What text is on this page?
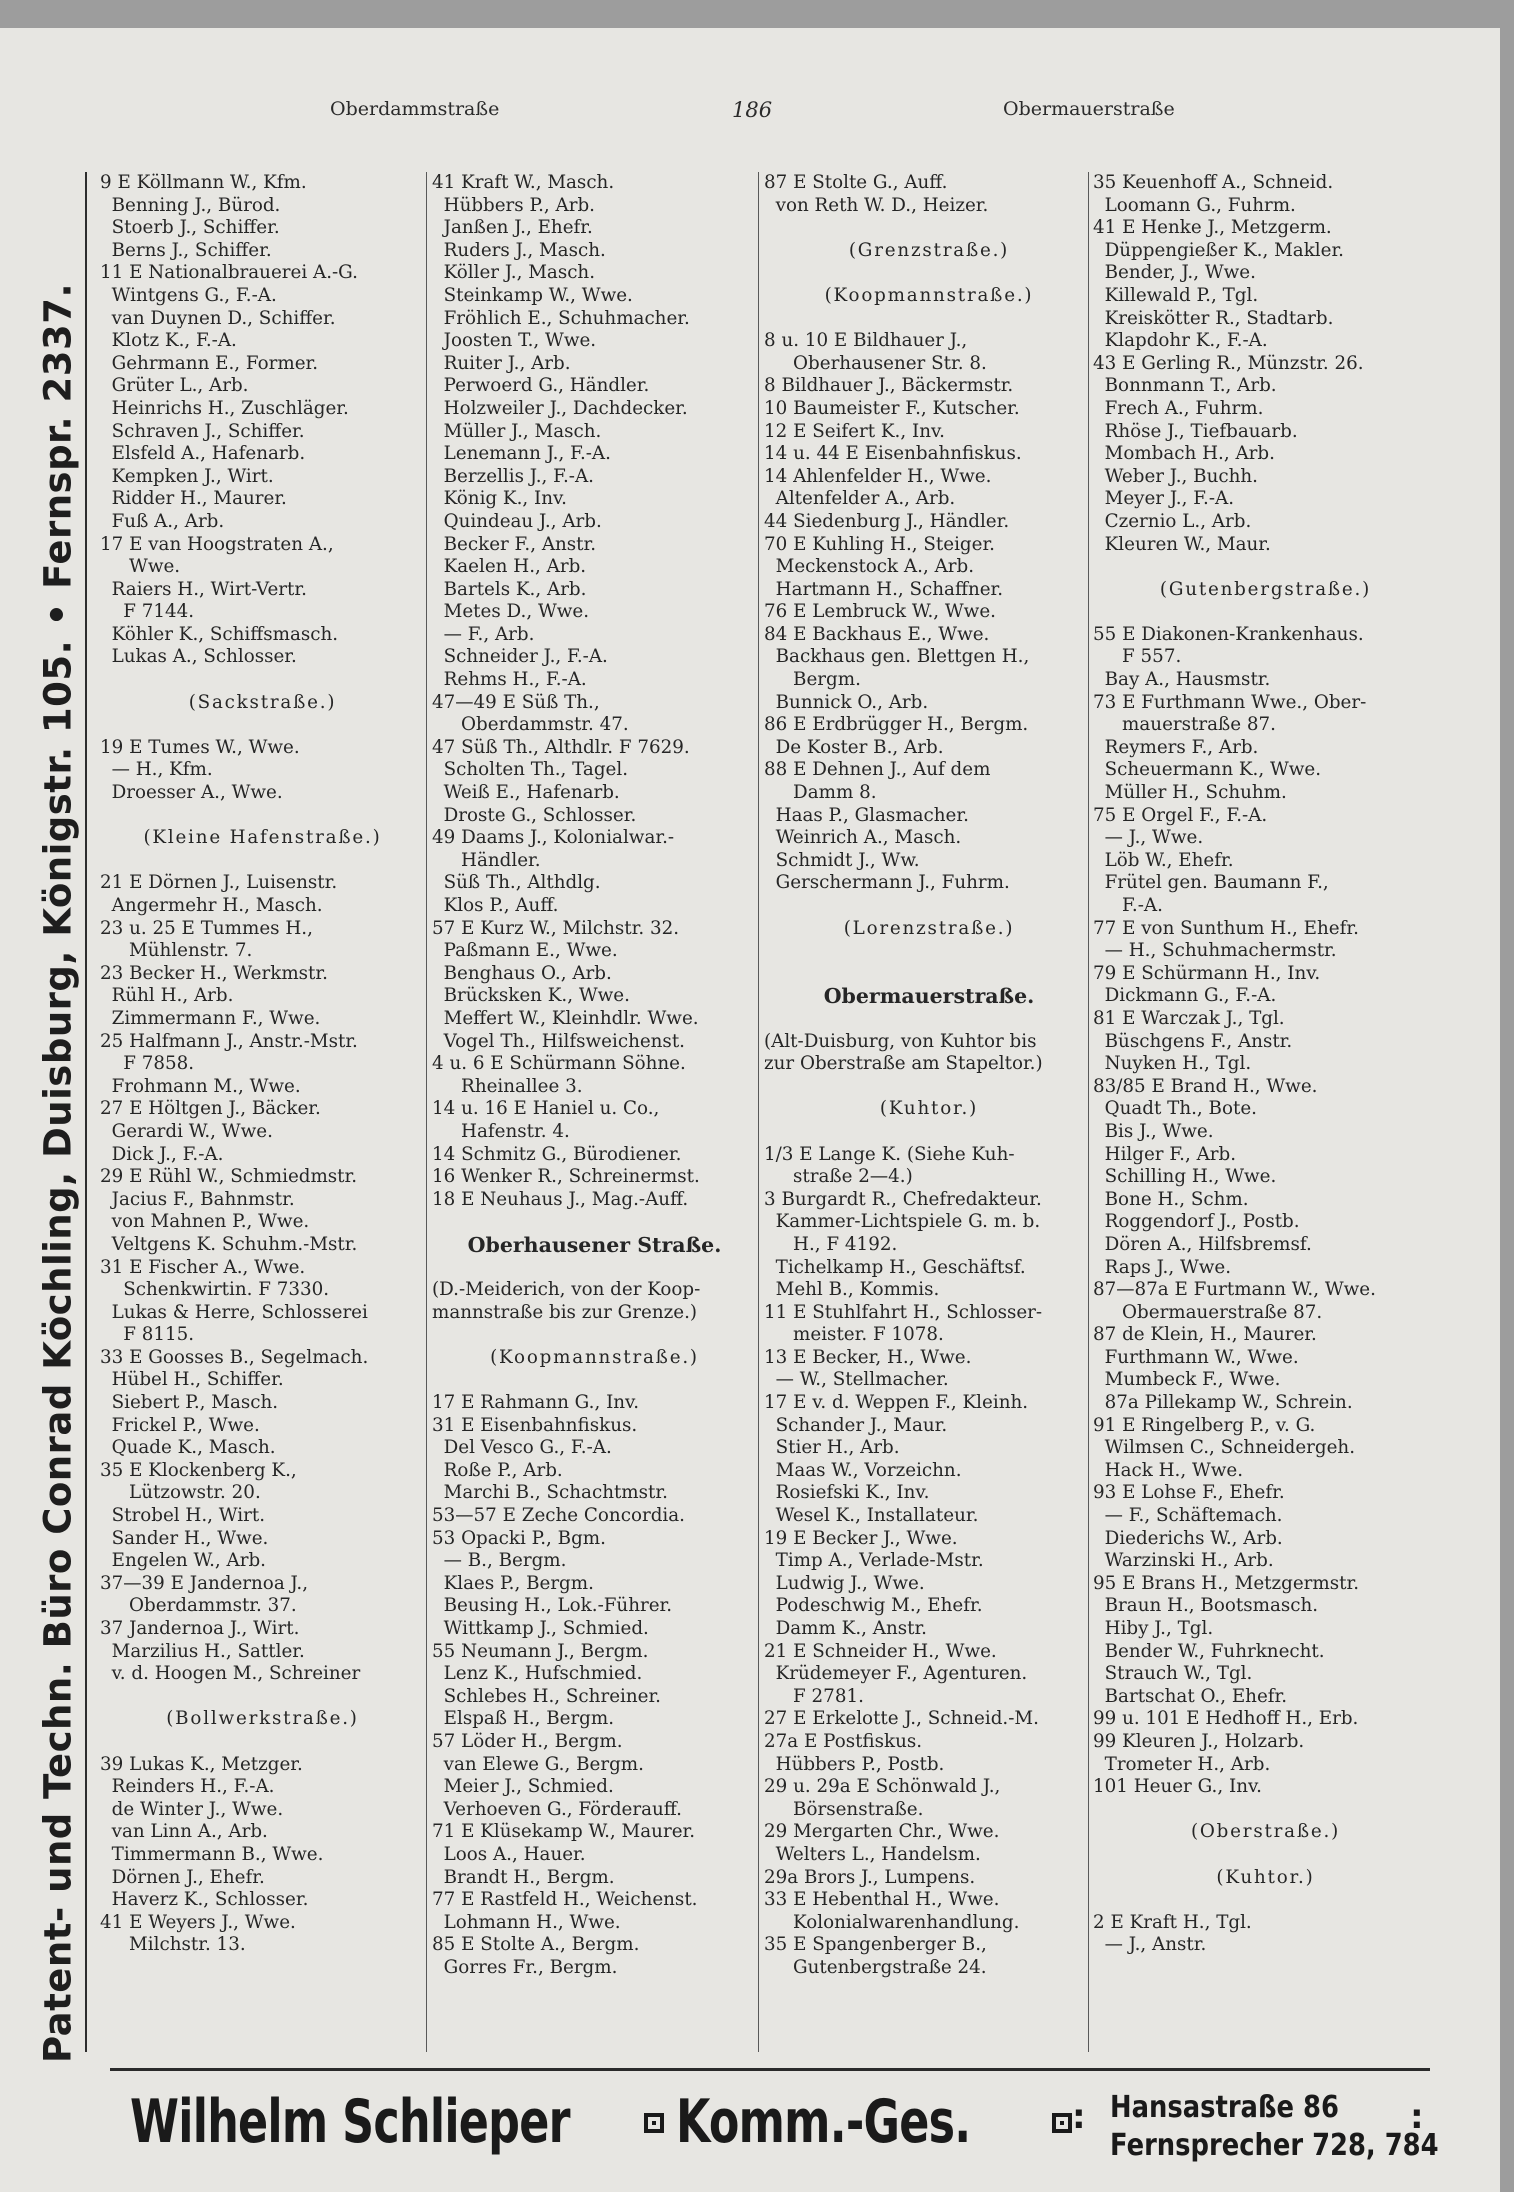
Patent- und Techn. Büro Conrad Köchling, Duisburg, Königstr. 105. • Fernspr. 2337.
Oberdammstraße	186	Obermauerstraße
9 E Köllmann W., Kfm.
Benning J., Bürod.
Stoerb J., Schiffer.
Berns J., Schiffer.
11 E Nationalbrauerei A.-G.
Wintgens G., F.-A.
van Duynen D., Schiffer.
Klotz K., F.-A.
Gehrmann E., Former.
Grüter L., Arb.
Heinrichs H., Zuschläger.
Schraven J., Schiffer.
Elsfeld A., Hafenarb.
Kempken J., Wirt.
Ridder H., Maurer.
Fuß A., Arb.
17 E van Hoogstraten A.,
Wwe.
Raiers H., Wirt-Vertr.
F 7144.
Köhler K., Schiffsmasch.
Lukas A., Schlosser.

(Sackstraße.)

19 E Tumes W., Wwe.
— H., Kfm.
Droesser A., Wwe.

(Kleine Hafenstraße.)

21 E Dörnen J., Luisenstr.
Angermehr H., Masch.
23 u. 25 E Tummes H.,
Mühlenstr. 7.
23 Becker H., Werkmstr.
Rühl H., Arb.
Zimmermann F., Wwe.
25 Halfmann J., Anstr.-Mstr.
F 7858.
Frohmann M., Wwe.
27 E Höltgen J., Bäcker.
Gerardi W., Wwe.
Dick J., F.-A.
29 E Rühl W., Schmiedmstr.
Jacius F., Bahnmstr.
von Mahnen P., Wwe.
Veltgens K. Schuhm.-Mstr.
31 E Fischer A., Wwe.
Schenkwirtin. F 7330.
Lukas & Herre, Schlosserei
F 8115.
33 E Goosses B., Segelmach.
Hübel H., Schiffer.
Siebert P., Masch.
Frickel P., Wwe.
Quade K., Masch.
35 E Klockenberg K.,
Lützowstr. 20.
Strobel H., Wirt.
Sander H., Wwe.
Engelen W., Arb.
37—39 E Jandernoa J.,
Oberdammstr. 37.
37 Jandernoa J., Wirt.
Marzilius H., Sattler.
v. d. Hoogen M., Schreiner

(Bollwerkstraße.)

39 Lukas K., Metzger.
Reinders H., F.-A.
de Winter J., Wwe.
van Linn A., Arb.
Timmermann B., Wwe.
Dörnen J., Ehefr.
Haverz K., Schlosser.
41 E Weyers J., Wwe.
Milchstr. 13.
41 Kraft W., Masch.
Hübbers P., Arb.
Janßen J., Ehefr.
Ruders J., Masch.
Köller J., Masch.
Steinkamp W., Wwe.
Fröhlich E., Schuhmacher.
Joosten T., Wwe.
Ruiter J., Arb.
Perwoerd G., Händler.
Holzweiler J., Dachdecker.
Müller J., Masch.
Lenemann J., F.-A.
Berzellis J., F.-A.
König K., Inv.
Quindeau J., Arb.
Becker F., Anstr.
Kaelen H., Arb.
Bartels K., Arb.
Metes D., Wwe.
— F., Arb.
Schneider J., F.-A.
Rehms H., F.-A.
47—49 E Süß Th.,
Oberdammstr. 47.
47 Süß Th., Althdlr. F 7629.
Scholten Th., Tagel.
Weiß E., Hafenarb.
Droste G., Schlosser.
49 Daams J., Kolonialwar.-
Händler.
Süß Th., Althdlg.
Klos P., Auff.
57 E Kurz W., Milchstr. 32.
Paßmann E., Wwe.
Benghaus O., Arb.
Brücksken K., Wwe.
Meffert W., Kleinhdlr. Wwe.
Vogel Th., Hilfsweichenst.
4 u. 6 E Schürmann Söhne.
Rheinallee 3.
14 u. 16 E Haniel u. Co.,
Hafenstr. 4.
14 Schmitz G., Bürodiener.
16 Wenker R., Schreinermst.
18 E Neuhaus J., Mag.-Auff.

Oberhausener Straße.

(D.-Meiderich, von der Koop-
mannstraße bis zur Grenze.)

(Koopmannstraße.)

17 E Rahmann G., Inv.
31 E Eisenbahnfiskus.
Del Vesco G., F.-A.
Roße P., Arb.
Marchi B., Schachtmstr.
53—57 E Zeche Concordia.
53 Opacki P., Bgm.
— B., Bergm.
Klaes P., Bergm.
Beusing H., Lok.-Führer.
Wittkamp J., Schmied.
55 Neumann J., Bergm.
Lenz K., Hufschmied.
Schlebes H., Schreiner.
Elspaß H., Bergm.
57 Löder H., Bergm.
van Elewe G., Bergm.
Meier J., Schmied.
Verhoeven G., Förderauff.
71 E Klüsekamp W., Maurer.
Loos A., Hauer.
Brandt H., Bergm.
77 E Rastfeld H., Weichenst.
Lohmann H., Wwe.
85 E Stolte A., Bergm.
Gorres Fr., Bergm.
87 E Stolte G., Auff.
von Reth W. D., Heizer.

(Grenzstraße.)

(Koopmannstraße.)

8 u. 10 E Bildhauer J.,
Oberhausener Str. 8.
8 Bildhauer J., Bäckermstr.
10 Baumeister F., Kutscher.
12 E Seifert K., Inv.
14 u. 44 E Eisenbahnfiskus.
14 Ahlenfelder H., Wwe.
Altenfelder A., Arb.
44 Siedenburg J., Händler.
70 E Kuhling H., Steiger.
Meckenstock A., Arb.
Hartmann H., Schaffner.
76 E Lembruck W., Wwe.
84 E Backhaus E., Wwe.
Backhaus gen. Blettgen H.,
Bergm.
Bunnick O., Arb.
86 E Erdbrügger H., Bergm.
De Koster B., Arb.
88 E Dehnen J., Auf dem
Damm 8.
Haas P., Glasmacher.
Weinrich A., Masch.
Schmidt J., Ww.
Gerschermann J., Fuhrm.

(Lorenzstraße.)

Obermauerstraße.

(Alt-Duisburg, von Kuhtor bis
zur Oberstraße am Stapeltor.)

(Kuhtor.)

1/3 E Lange K. (Siehe Kuh-
straße 2—4.)
3 Burgardt R., Chefredakteur.
Kammer-Lichtspiele G. m. b.
H., F 4192.
Tichelkamp H., Geschäftsf.
Mehl B., Kommis.
11 E Stuhlfahrt H., Schlosser-
meister. F 1078.
13 E Becker, H., Wwe.
— W., Stellmacher.
17 E v. d. Weppen F., Kleinh.
Schander J., Maur.
Stier H., Arb.
Maas W., Vorzeichn.
Rosiefski K., Inv.
Wesel K., Installateur.
19 E Becker J., Wwe.
Timp A., Verlade-Mstr.
Ludwig J., Wwe.
Podeschwig M., Ehefr.
Damm K., Anstr.
21 E Schneider H., Wwe.
Krüdemeyer F., Agenturen.
F 2781.
27 E Erkelotte J., Schneid.-M.
27a E Postfiskus.
Hübbers P., Postb.
29 u. 29a E Schönwald J.,
Börsenstraße.
29 Mergarten Chr., Wwe.
Welters L., Handelsm.
29a Brors J., Lumpens.
33 E Hebenthal H., Wwe.
Kolonialwarenhandlung.
35 E Spangenberger B.,
Gutenbergstraße 24.
35 Keuenhoff A., Schneid.
Loomann G., Fuhrm.
41 E Henke J., Metzgerm.
Düppengießer K., Makler.
Bender, J., Wwe.
Killewald P., Tgl.
Kreiskötter R., Stadtarb.
Klapdohr K., F.-A.
43 E Gerling R., Münzstr. 26.
Bonnmann T., Arb.
Frech A., Fuhrm.
Rhöse J., Tiefbauarb.
Mombach H., Arb.
Weber J., Buchh.
Meyer J., F.-A.
Czernio L., Arb.
Kleuren W., Maur.

(Gutenbergstraße.)

55 E Diakonen-Krankenhaus.
F 557.
Bay A., Hausmstr.
73 E Furthmann Wwe., Ober-
mauerstraße 87.
Reymers F., Arb.
Scheuermann K., Wwe.
Müller H., Schuhm.
75 E Orgel F., F.-A.
— J., Wwe.
Löb W., Ehefr.
Frütel gen. Baumann F.,
F.-A.
77 E von Sunthum H., Ehefr.
— H., Schuhmachermstr.
79 E Schürmann H., Inv.
Dickmann G., F.-A.
81 E Warczak J., Tgl.
Büschgens F., Anstr.
Nuyken H., Tgl.
83/85 E Brand H., Wwe.
Quadt Th., Bote.
Bis J., Wwe.
Hilger F., Arb.
Schilling H., Wwe.
Bone H., Schm.
Roggendorf J., Postb.
Dören A., Hilfsbremsf.
Raps J., Wwe.
87—87a E Furtmann W., Wwe.
Obermauerstraße 87.
87 de Klein, H., Maurer.
Furthmann W., Wwe.
Mumbeck F., Wwe.
87a Pillekamp W., Schrein.
91 E Ringelberg P., v. G.
Wilmsen C., Schneidergeh.
Hack H., Wwe.
93 E Lohse F., Ehefr.
— F., Schäftemach.
Diederichs W., Arb.
Warzinski H., Arb.
95 E Brans H., Metzgermstr.
Braun H., Bootsmasch.
Hiby J., Tgl.
Bender W., Fuhrknecht.
Strauch W., Tgl.
Bartschat O., Ehefr.
99 u. 101 E Hedhoff H., Erb.
99 Kleuren J., Holzarb.
Trometer H., Arb.
101 Heuer G., Inv.

(Oberstraße.)

(Kuhtor.)

2 E Kraft H., Tgl.
— J., Anstr.
Wilhelm Schlieper Komm.-Ges.	: Hansastraße 86
Fernsprecher 728, 784
:
